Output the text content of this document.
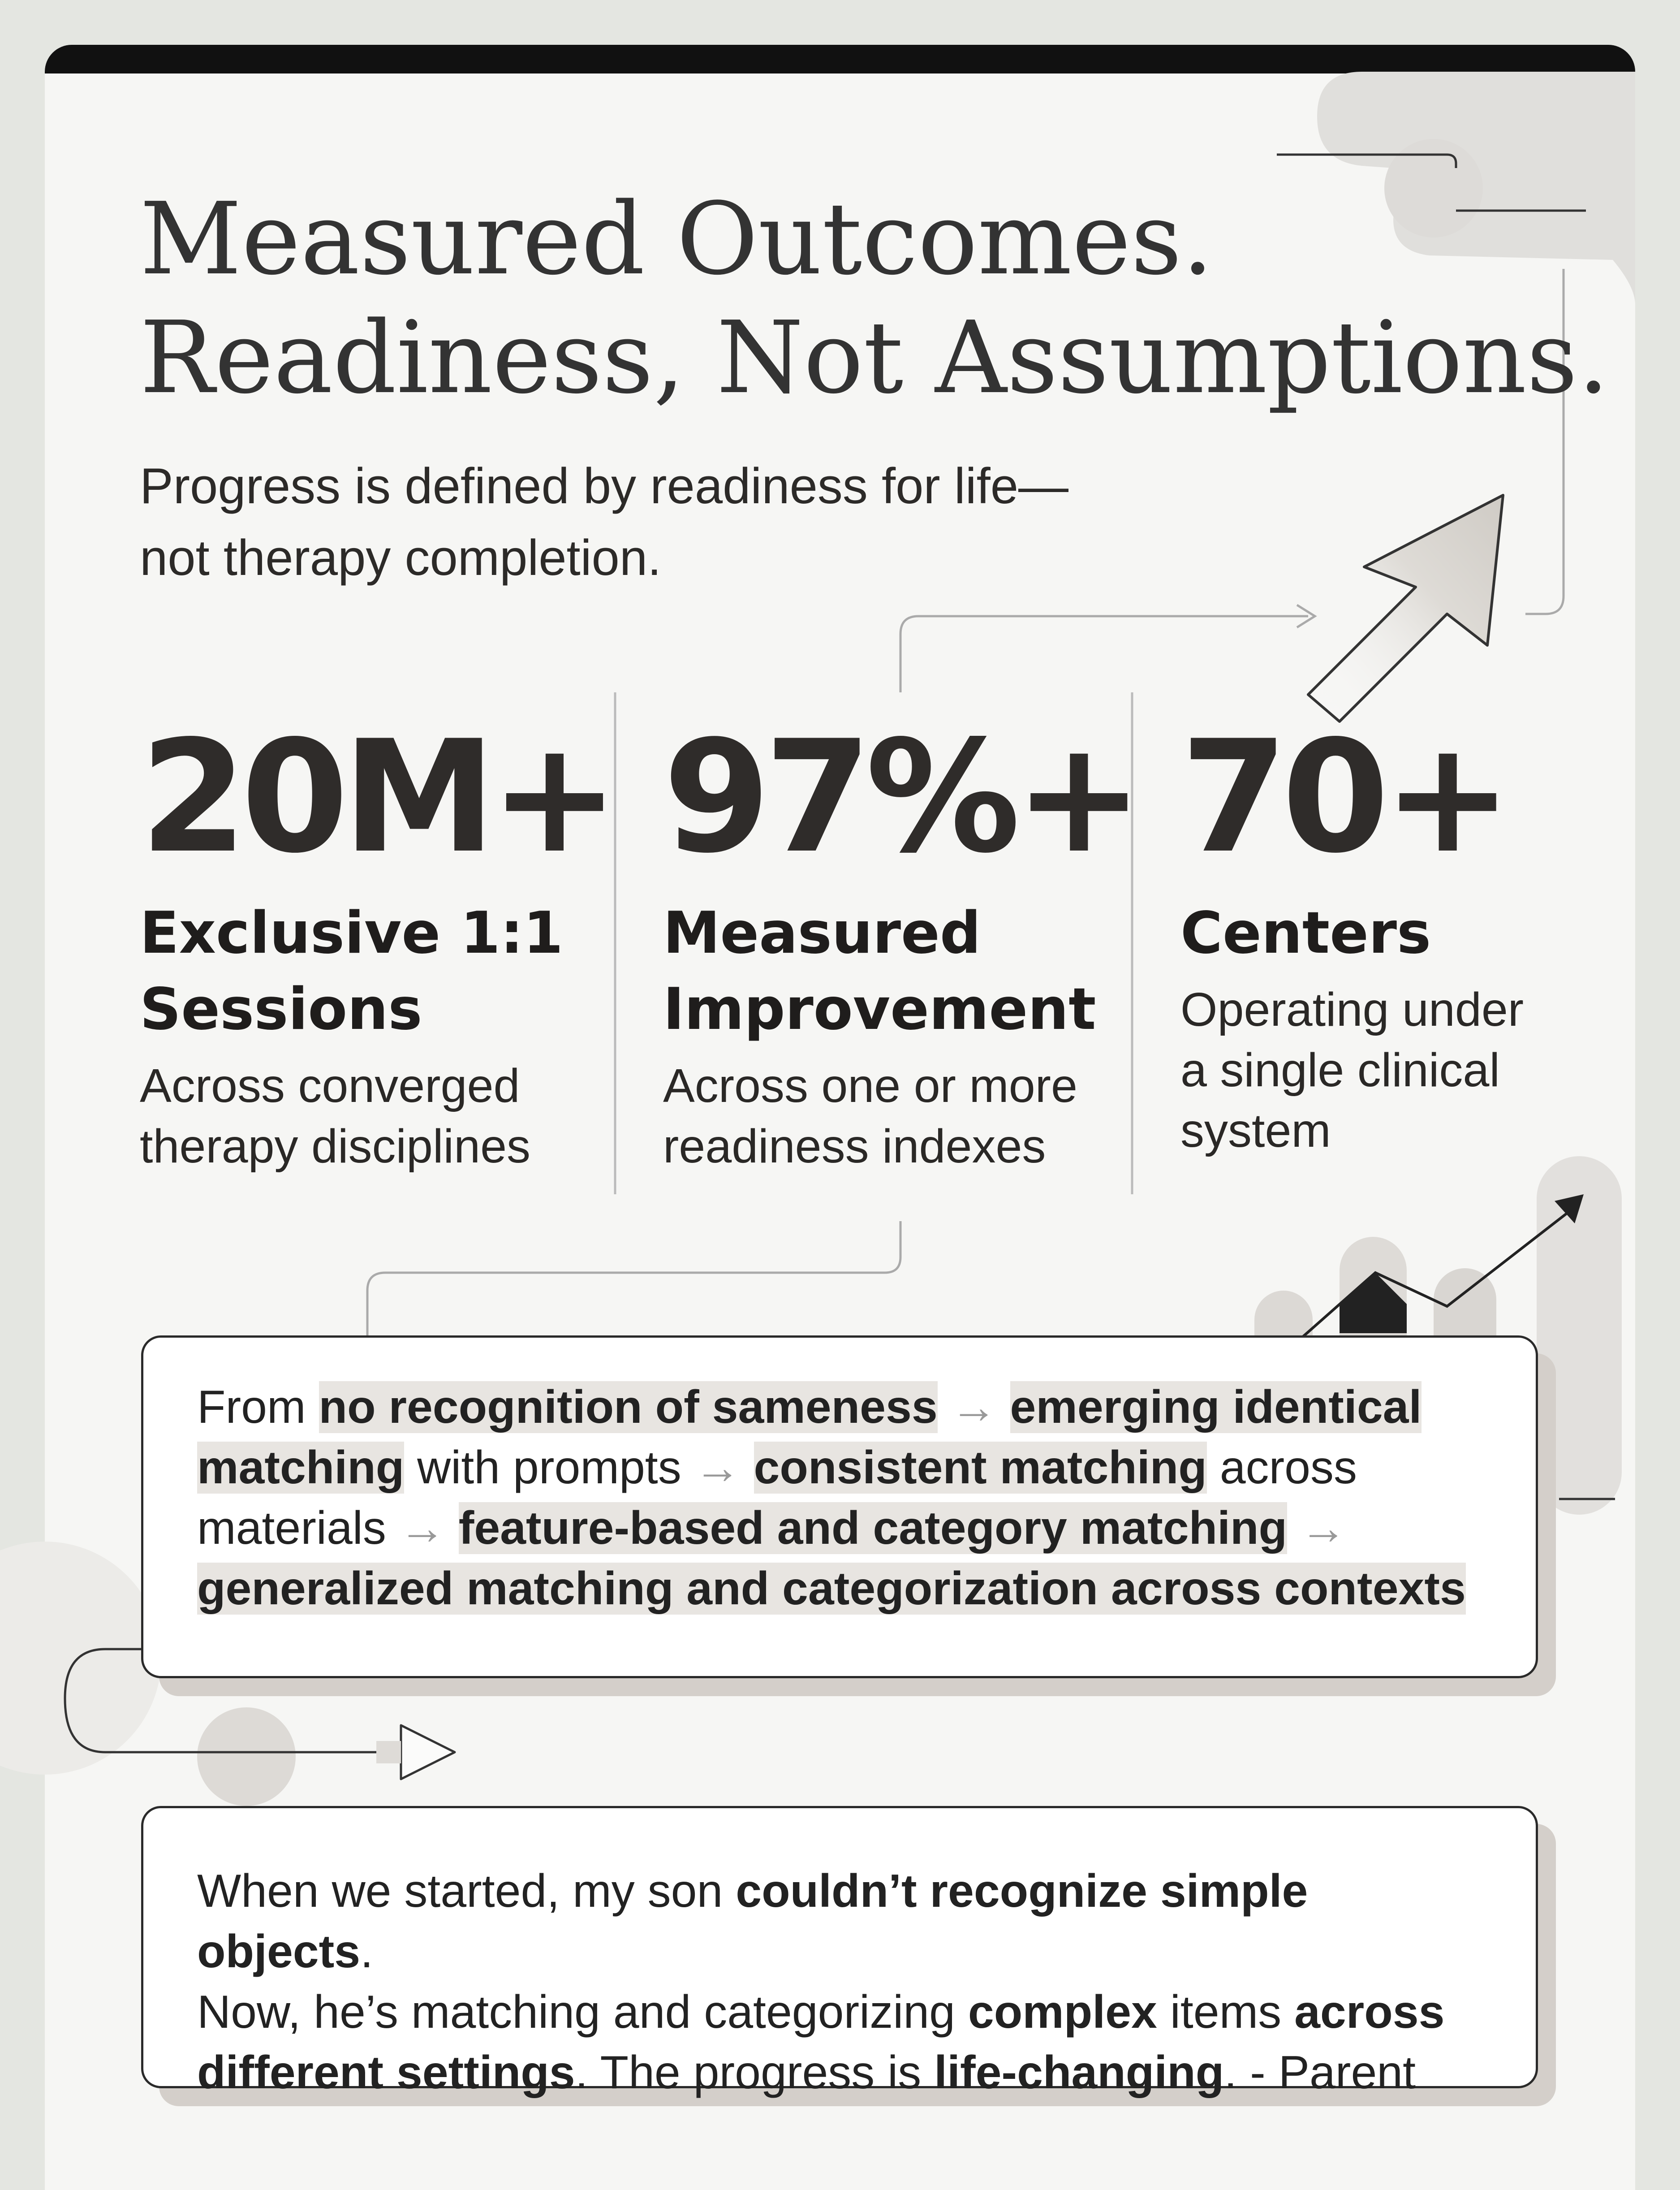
Measured Outcomes.
Readiness, Not Assumptions.

Progress is defined by readiness for life—
not therapy completion.

20M+
Exclusive 1:1
Sessions
Across converged
therapy disciplines
97%+
Measured
Improvement
Across one or more
readiness indexes
70+
Centers
Operating under
a single clinical
system
From no recognition of sameness → emerging identical
matching with prompts → consistent matching across
materials → feature-based and category matching →
generalized matching and categorization across contexts
When we started, my son couldn’t recognize simple objects.
Now, he’s matching and categorizing complex items across
different settings. The progress is life-changing. - Parent
